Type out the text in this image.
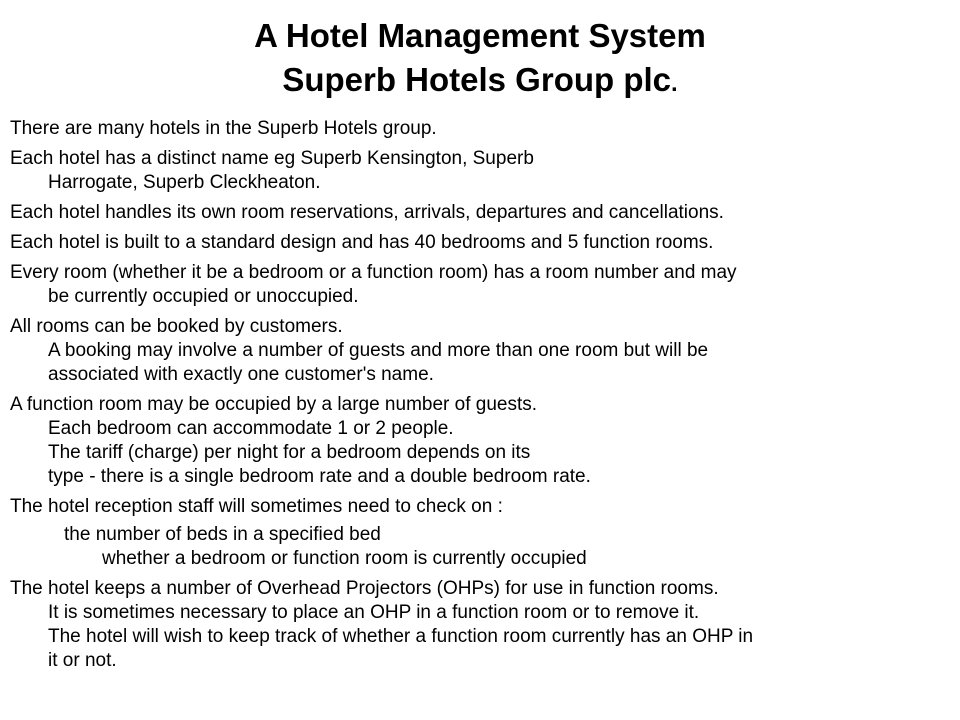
A Hotel Management System
Superb Hotels Group plc.
There are many hotels in the Superb Hotels group.
Each hotel has a distinct name eg Superb Kensington, Superb
Harrogate, Superb Cleckheaton.
Each hotel handles its own room reservations, arrivals, departures and cancellations.
Each hotel is built to a standard design and has 40 bedrooms and 5 function rooms.
Every room (whether it be a bedroom or a function room) has a room number and may
be currently occupied or unoccupied.
All rooms can be booked by customers.
A booking may involve a number of guests and more than one room but will be
associated with exactly one customer's name.
A function room may be occupied by a large number of guests.
Each bedroom can accommodate 1 or 2 people.
The tariff (charge) per night for a bedroom depends on its
type - there is a single bedroom rate and a double bedroom rate.
The hotel reception staff will sometimes need to check on :
the number of beds in a specified bed
whether a bedroom or function room is currently occupied
The hotel keeps a number of Overhead Projectors (OHPs) for use in function rooms.
It is sometimes necessary to place an OHP in a function room or to remove it.
The hotel will wish to keep track of whether a function room currently has an OHP in
it or not.
